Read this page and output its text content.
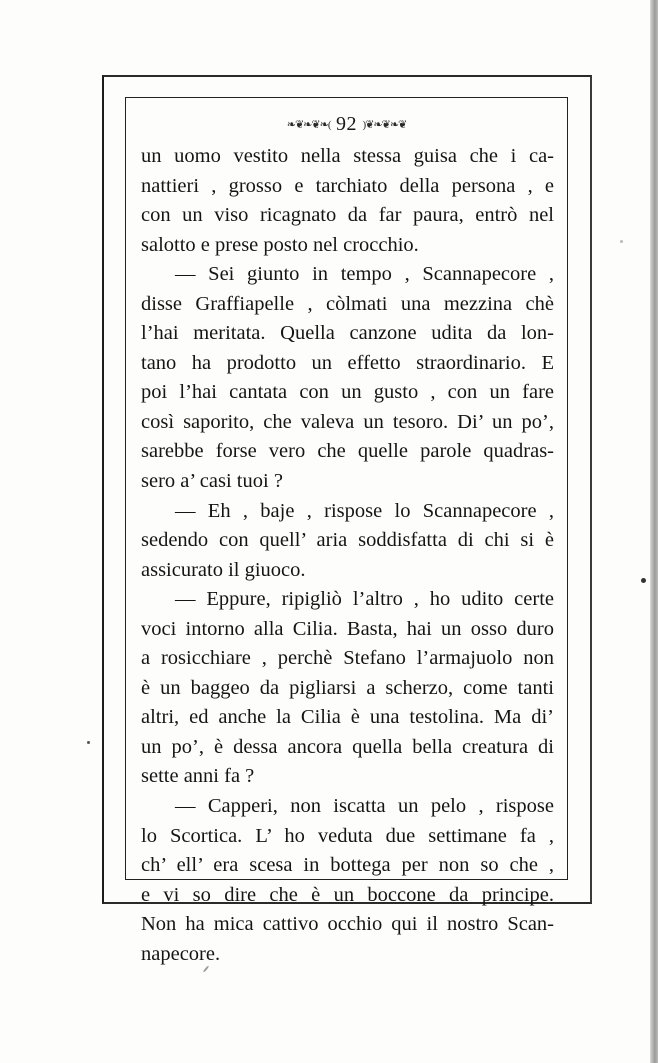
❧❦❧❦❧( 92 )❦❧❦❧❦
un uomo vestito nella stessa guisa che i ca-
nattieri , grosso e tarchiato della persona , e
con un viso ricagnato da far paura, entrò nel
salotto e prese posto nel crocchio.
— Sei giunto in tempo , Scannapecore ,
disse Graffiapelle , còlmati una mezzina chè
l’hai meritata. Quella canzone udita da lon-
tano ha prodotto un effetto straordinario. E
poi l’hai cantata con un gusto , con un fare
così saporito, che valeva un tesoro. Di’ un po’,
sarebbe forse vero che quelle parole quadras-
sero a’ casi tuoi ?
— Eh , baje , rispose lo Scannapecore ,
sedendo con quell’ aria soddisfatta di chi si è
assicurato il giuoco.
— Eppure, ripigliò l’altro , ho udito certe
voci intorno alla Cilia. Basta, hai un osso duro
a rosicchiare , perchè Stefano l’armajuolo non
è un baggeo da pigliarsi a scherzo, come tanti
altri, ed anche la Cilia è una testolina. Ma di’
un po’, è dessa ancora quella bella creatura di
sette anni fa ?
— Capperi, non iscatta un pelo , rispose
lo Scortica. L’ ho veduta due settimane fa ,
ch’ ell’ era scesa in bottega per non so che ,
e vi so dire che è un boccone da principe.
Non ha mica cattivo occhio qui il nostro Scan-
napecore.
